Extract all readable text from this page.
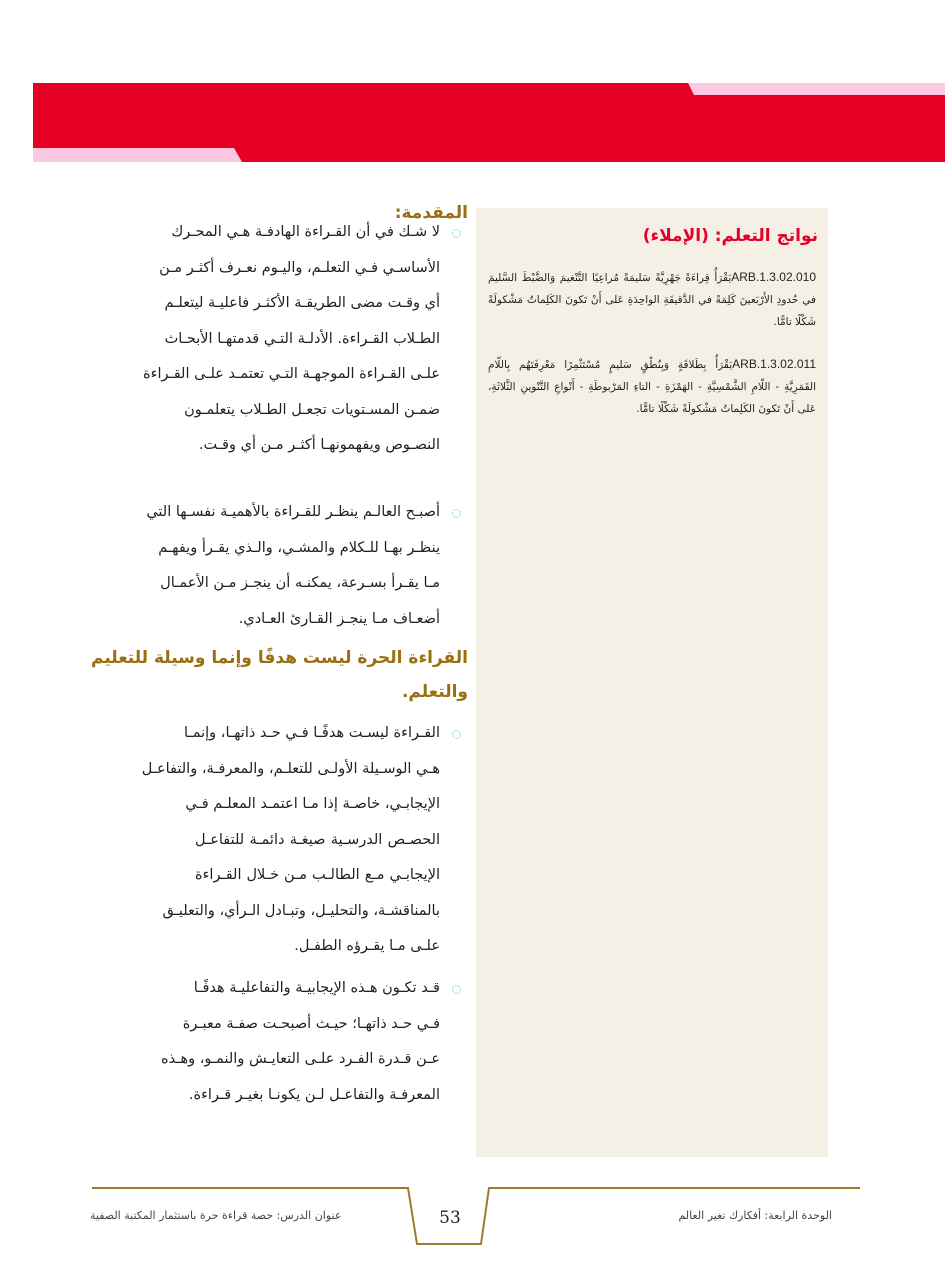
المقدمة:
لا شـك في أن القـراءة الهادفـة هـي المحـرك
الأساسـي فـي التعلـم، واليـوم نعـرف أكثـر مـن
أي وقـت مضى الطريقـة الأكثـر فاعليـة ليتعلـم
الطـلاب القـراءة. الأدلـة التـي قدمتهـا الأبحـاث
علـى القـراءة الموجهـة التـي تعتمـد علـى القـراءة
ضمـن المسـتويات تجعـل الطـلاب يتعلمـون
النصـوص ويفهمونهـا أكثـر مـن أي وقـت.
أصبـح العالـم ينظـر للقـراءة بالأهميـة نفسـها التي
ينظـر بهـا للـكلام والمشـي، والـذي يقـرأ ويفهـم
مـا يقـرأ بسـرعة، يمكنـه أن ينجـز مـن الأعمـال
أضعـاف مـا ينجـز القـارئ العـادي.
القـراءة ليسـت هدفًـا فـي حـد ذاتهـا، وإنمـا
هـي الوسـيلة الأولـى للتعلـم، والمعرفـة، والتفاعـل
الإيجابـي، خاصـة إذا مـا اعتمـد المعلـم فـي
الحصـص الدرسـية صيغـة دائمـة للتفاعـل
الإيجابـي مـع الطالـب مـن خـلال القـراءة
بالمناقشـة، والتحليـل، وتبـادل الـرأي، والتعليـق
علـى مـا يقـرؤه الطفـل.
قـد تكـون هـذه الإيجابيـة والتفاعليـة هدفًـا
فـي حـد ذاتهـا؛ حيـث أصبحـت صفـة معبـرة
عـن قـدرة الفـرد علـى التعايـش والنمـو، وهـذه
المعرفـة والتفاعـل لـن يكونـا بغيـر قـراءة.
القراءة الحرة ليست هدفًا وإنما وسيلة للتعليم
والتعلم.
نواتج التعلم: (الإملاء)
ARB.1.3.02.010يَقْرَأُ قِراءَةً جَهْرِيَّةً سَليمَةً مُراعِيًا التَّنْغيمَ وَالضَّبْطَ السَّليمَ في حُدودِ الأَرْبَعينَ كَلِمَةً في الدَّقيقَةِ الواحِدَةِ عَلى أَنْ تَكونَ الكَلِماتُ مَشْكولَةً شَكْلًا تامًّا.
ARB.1.3.02.011يَقْرَأُ بِطَلاقَةٍ وَبِنُطْقٍ سَليمٍ مُسْتَثْمِرًا مَعْرِفَتَهُم بِاللّامِ القَمَرِيَّةِ - اللّامِ الشَّمْسِيَّةِ - الهَمْزَةِ - التاءِ المَرْبوطَةِ - أَنْواعِ التَّنْوينِ الثَّلاثَةِ، عَلى أَنْ تَكونَ الكَلِماتُ مَشْكولَةً شَكْلًا تامًّا.
53	الوحدة الرابعة: أفكارك تغير العالم
عنوان الدرس: حصة قراءة حرة باستثمار المكتبة الصفية
